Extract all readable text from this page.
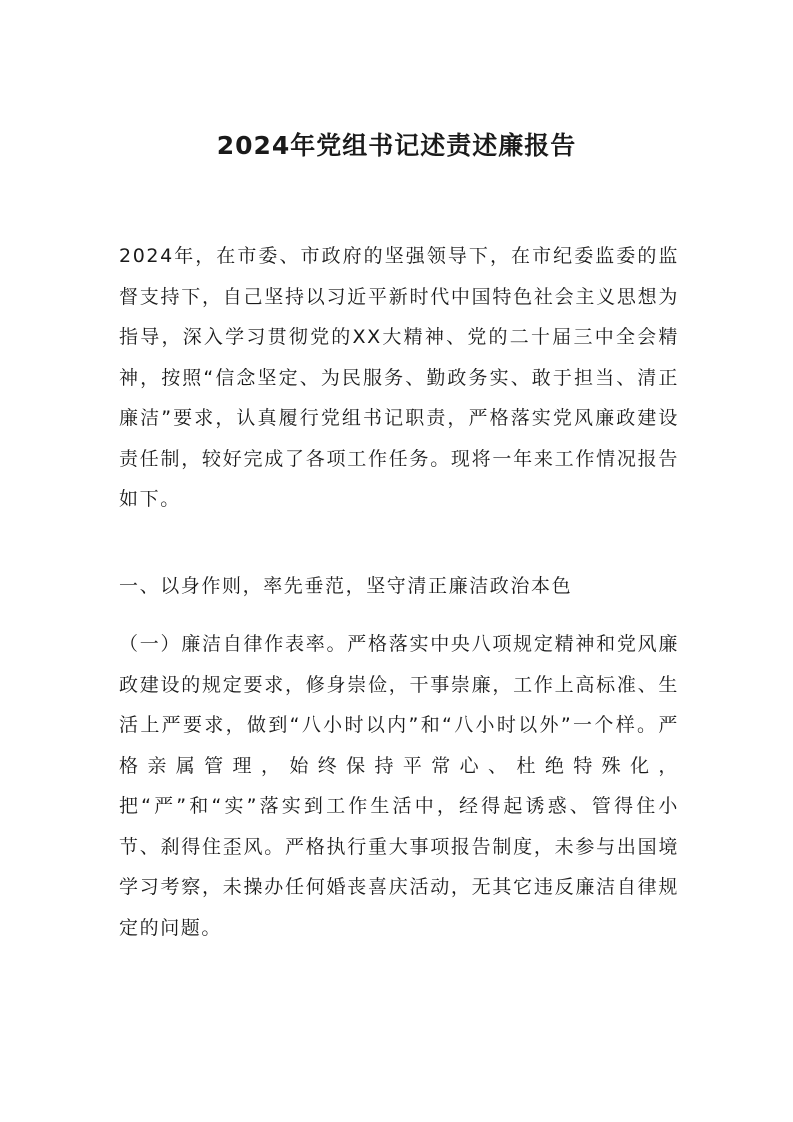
2024年党组书记述责述廉报告

2024年，在市委、市政府的坚强领导下，在市纪委监委的监督支持下，自己坚持以习近平新时代中国特色社会主义思想为指导，深入学习贯彻党的XX大精神、党的二十届三中全会精神，按照“信念坚定、为民服务、勤政务实、敢于担当、清正廉洁”要求，认真履行党组书记职责，严格落实党风廉政建设责任制，较好完成了各项工作任务。现将一年来工作情况报告如下。

一、以身作则，率先垂范，坚守清正廉洁政治本色

（一）廉洁自律作表率。严格落实中央八项规定精神和党风廉政建设的规定要求，修身崇俭，干事崇廉，工作上高标准、生活上严要求，做到“八小时以内”和“八小时以外”一个样。严格亲属管理，始终保持平常心、杜绝特殊化，把“严”和“实”落实到工作生活中，经得起诱惑、管得住小节、刹得住歪风。严格执行重大事项报告制度，未参与出国境学习考察，未操办任何婚丧喜庆活动，无其它违反廉洁自律规定的问题。
